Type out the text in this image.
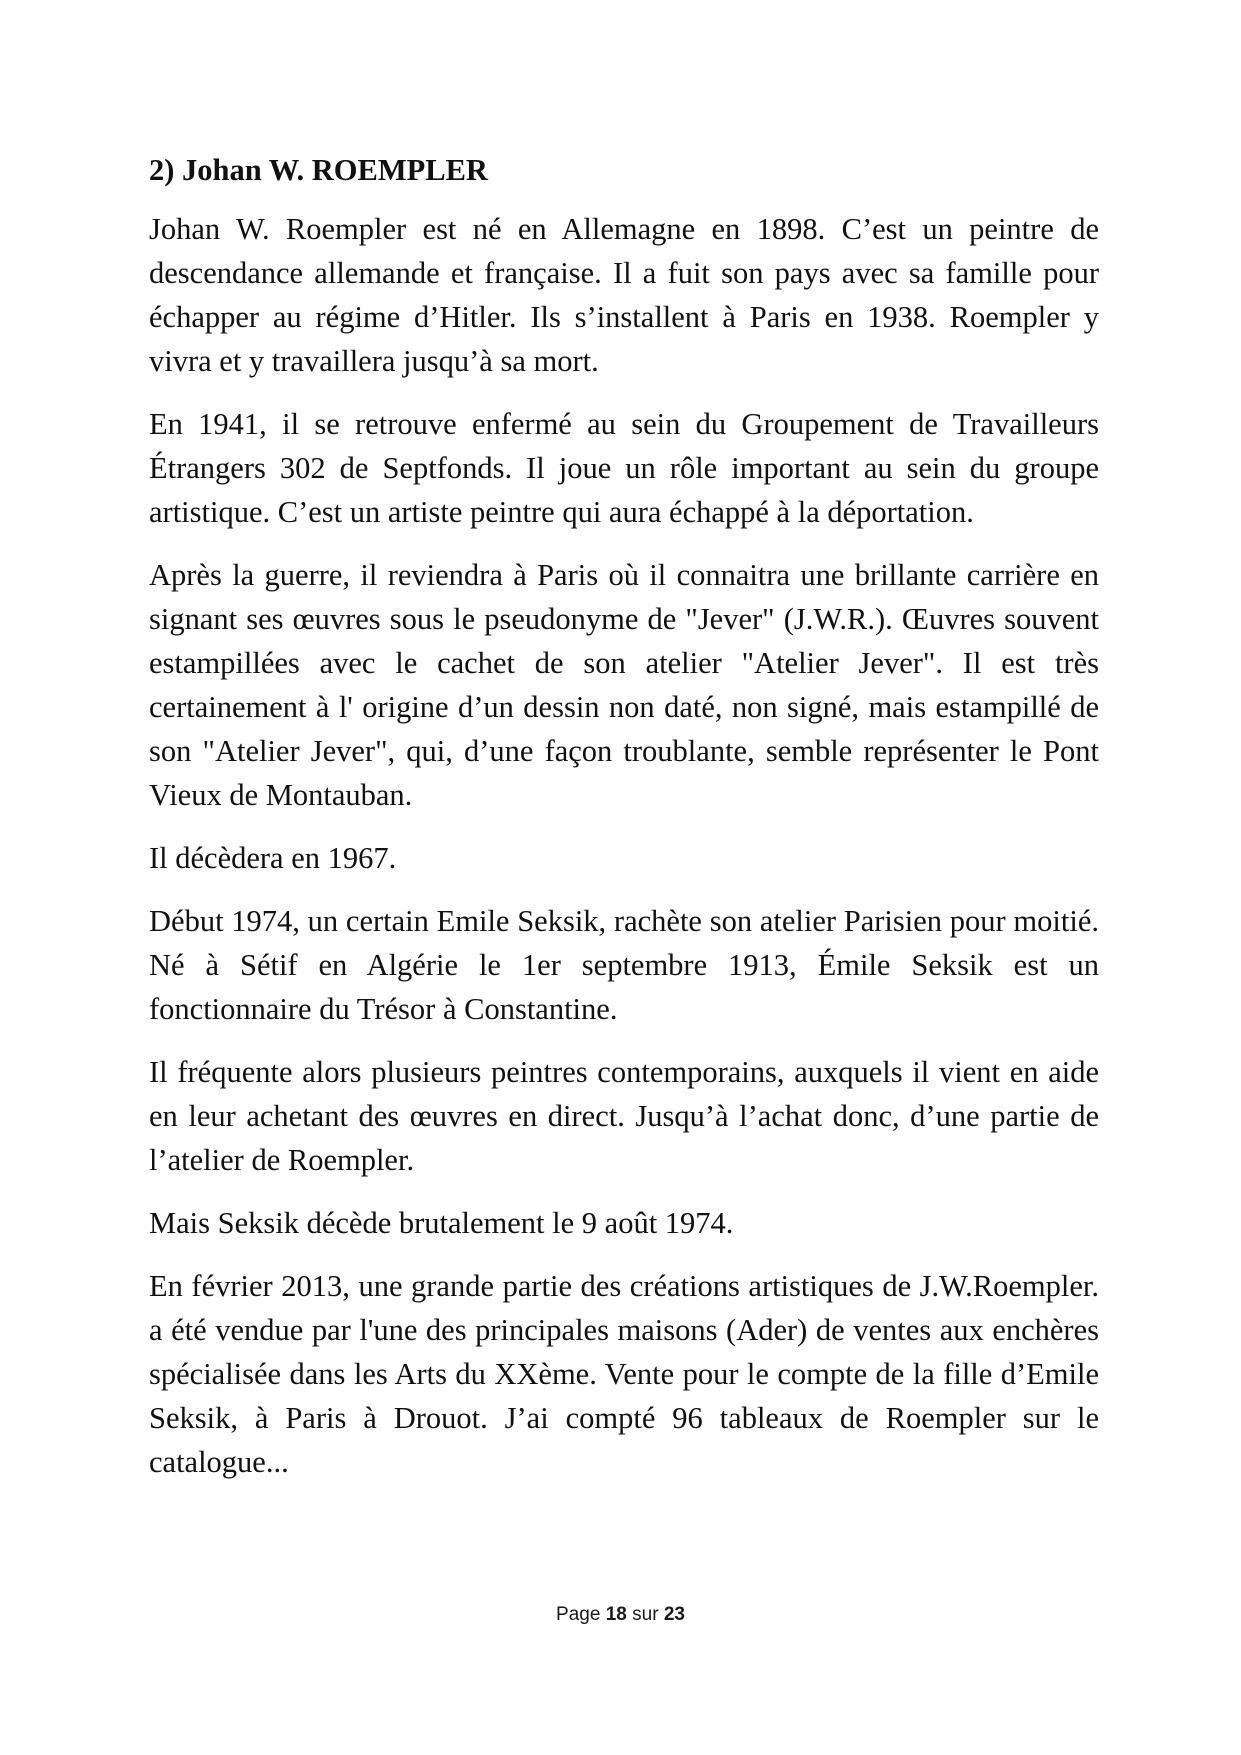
2) Johan W. ROEMPLER

Johan W. Roempler est né en Allemagne en 1898. C’est un peintre de descendance allemande et française. Il a fuit son pays avec sa famille pour échapper au régime d’Hitler. Ils s’installent à Paris en 1938. Roempler y vivra et y travaillera jusqu’à sa mort.

En 1941, il se retrouve enfermé au sein du Groupement de Travailleurs Étrangers 302 de Septfonds. Il joue un rôle important au sein du groupe artistique. C’est un artiste peintre qui aura échappé à la déportation.

Après la guerre, il reviendra à Paris où il connaitra une brillante carrière en signant ses œuvres sous le pseudonyme de "Jever" (J.W.R.). Œuvres souvent estampillées avec le cachet de son atelier "Atelier Jever". Il est très certainement à l' origine d’un dessin non daté, non signé, mais estampillé de son "Atelier Jever", qui, d’une façon troublante, semble représenter le Pont Vieux de Montauban.

Il décèdera en 1967.

Début 1974, un certain Emile Seksik, rachète son atelier Parisien pour moitié. Né à Sétif en Algérie le 1er septembre 1913, Émile Seksik est un fonctionnaire du Trésor à Constantine.

Il fréquente alors plusieurs peintres contemporains, auxquels il vient en aide en leur achetant des œuvres en direct. Jusqu’à l’achat donc, d’une partie de l’atelier de Roempler.

Mais Seksik décède brutalement le 9 août 1974.

En février 2013, une grande partie des créations artistiques de J.W.Roempler. a été vendue par l'une des principales maisons (Ader) de ventes aux enchères spécialisée dans les Arts du XXème. Vente pour le compte de la fille d’Emile Seksik, à Paris à Drouot. J’ai compté 96 tableaux de Roempler sur le catalogue...

Page 18 sur 23
